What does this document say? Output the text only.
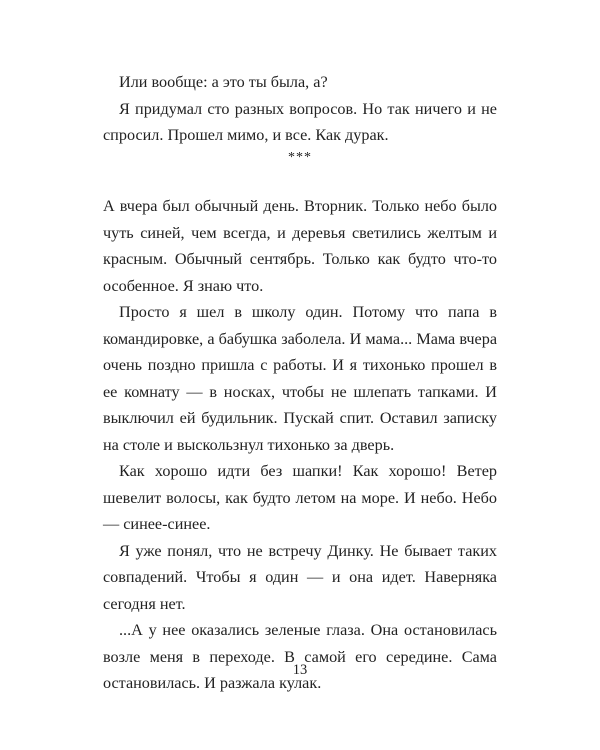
Или вообще: а это ты была, а?

Я придумал сто разных вопросов. Но так ничего и не спросил. Прошел мимо, и все. Как дурак.

***

А вчера был обычный день. Вторник. Только небо было чуть синей, чем всегда, и деревья светились желтым и красным. Обычный сентябрь. Только как будто что-то особенное. Я знаю что.

Просто я шел в школу один. Потому что папа в командировке, а бабушка заболела. И мама... Мама вчера очень поздно пришла с работы. И я тихонько прошел в ее комнату — в носках, чтобы не шлепать тапками. И выключил ей будильник. Пускай спит. Оставил записку на столе и выскользнул тихонько за дверь.

Как хорошо идти без шапки! Как хорошо! Ветер шевелит волосы, как будто летом на море. И небо. Небо — синее-синее.

Я уже понял, что не встречу Динку. Не бывает таких совпадений. Чтобы я один — и она идет. Наверняка сегодня нет.

...А у нее оказались зеленые глаза. Она остановилась возле меня в переходе. В самой его середине. Сама остановилась. И разжала кулак.

13
